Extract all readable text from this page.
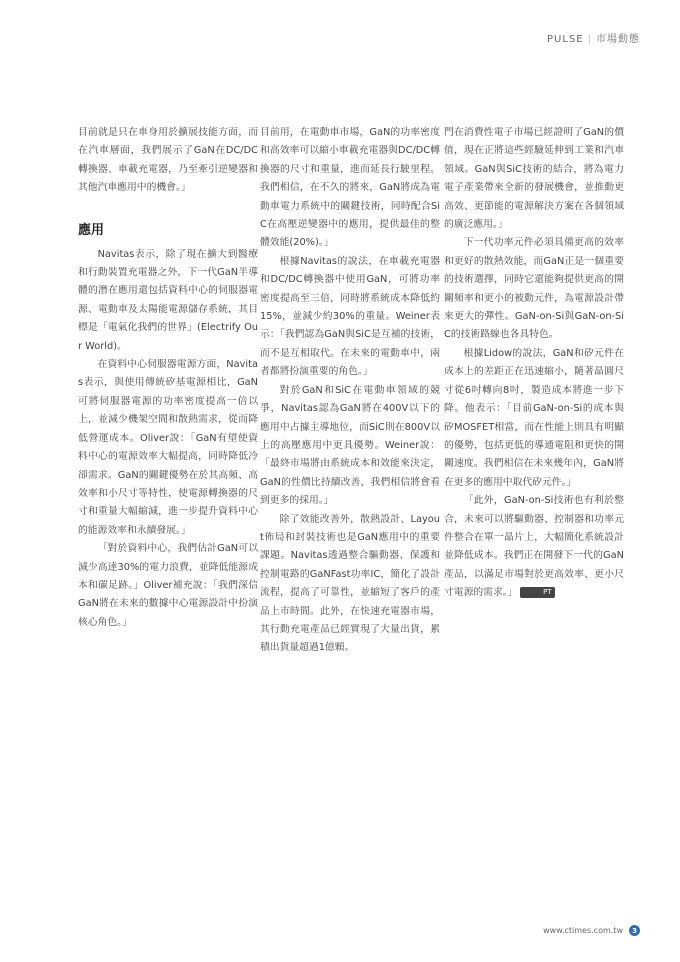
PULSE | 市場動態

目前就是只在車身用於擴展技能方面，而在汽車層面，我們展示了GaN在DC/DC轉換器、車載充電器，乃至牽引逆變器和其他汽車應用中的機會。」

應用

Navitas表示，除了現在擴大到醫療和行動裝置充電器之外，下一代GaN半導體的潛在應用還包括資料中心的伺服器電源、電動車及太陽能電源儲存系統，其目標是「電氣化我們的世界」(Electrify Our World)。

在資料中心伺服器電源方面，Navitas表示，與使用傳統矽基電源相比，GaN可將伺服器電源的功率密度提高一倍以上，並減少機架空間和散熱需求，從而降低營運成本。Oliver說：「GaN有望使資料中心的電源效率大幅提高，同時降低冷卻需求。GaN的關鍵優勢在於其高頻、高效率和小尺寸等特性，使電源轉換器的尺寸和重量大幅縮減，進一步提升資料中心的能源效率和永續發展。」

「對於資料中心，我們估計GaN可以減少高達30%的電力浪費，並降低能源成本和碳足跡。」Oliver補充說：「我們深信GaN將在未來的數據中心電源設計中扮演核心角色。」

目前用，在電動車市場，GaN的功率密度和高效率可以縮小車載充電器與DC/DC轉換器的尺寸和重量，進而延長行駛里程。我們相信，在不久的將來，GaN將成為電動車電力系統中的關鍵技術，同時配合SiC在高壓逆變器中的應用，提供最佳的整體效能(20%)。」

根據Navitas的說法，在車載充電器和DC/DC轉換器中使用GaN，可將功率密度提高至三倍，同時將系統成本降低約15%，並減少約30%的重量。Weiner表示：「我們認為GaN與SiC是互補的技術，而不是互相取代。在未來的電動車中，兩者都將扮演重要的角色。」

對於GaN和SiC在電動車領域的競爭，Navitas認為GaN將在400V以下的應用中占據主導地位，而SiC則在800V以上的高壓應用中更具優勢。Weiner說：「最終市場將由系統成本和效能來決定，GaN的性價比持續改善，我們相信將會看到更多的採用。」

除了效能改善外，散熱設計、Layout佈局和封裝技術也是GaN應用中的重要課題。Navitas透過整合驅動器、保護和控制電路的GaNFast功率IC，簡化了設計流程，提高了可靠性，並縮短了客戶的產品上市時間。此外，在快速充電器市場，其行動充電產品已經實現了大量出貨，累積出貨量超過1億顆。

門在消費性電子市場已經證明了GaN的價值，現在正將這些經驗延伸到工業和汽車領域。GaN與SiC技術的結合，將為電力電子產業帶來全新的發展機會，並推動更高效、更節能的電源解決方案在各個領域的廣泛應用。」

下一代功率元件必須具備更高的效率和更好的散熱效能，而GaN正是一個重要的技術選擇，同時它還能夠提供更高的開關頻率和更小的被動元件，為電源設計帶來更大的彈性。GaN-on-Si與GaN-on-SiC的技術路線也各具特色。

根據Lidow的說法，GaN和矽元件在成本上的差距正在迅速縮小，隨著晶圓尺寸從6吋轉向8吋，製造成本將進一步下降。他表示：「目前GaN-on-Si的成本與矽MOSFET相當，而在性能上則具有明顯的優勢，包括更低的導通電阻和更快的開關速度。我們相信在未來幾年內，GaN將在更多的應用中取代矽元件。」

「此外，GaN-on-Si技術也有利於整合，未來可以將驅動器、控制器和功率元件整合在單一晶片上，大幅簡化系統設計並降低成本。我們正在開發下一代的GaN產品，以滿足市場對於更高效率、更小尺寸電源的需求。」	PT

www.ctimes.com.tw	3
